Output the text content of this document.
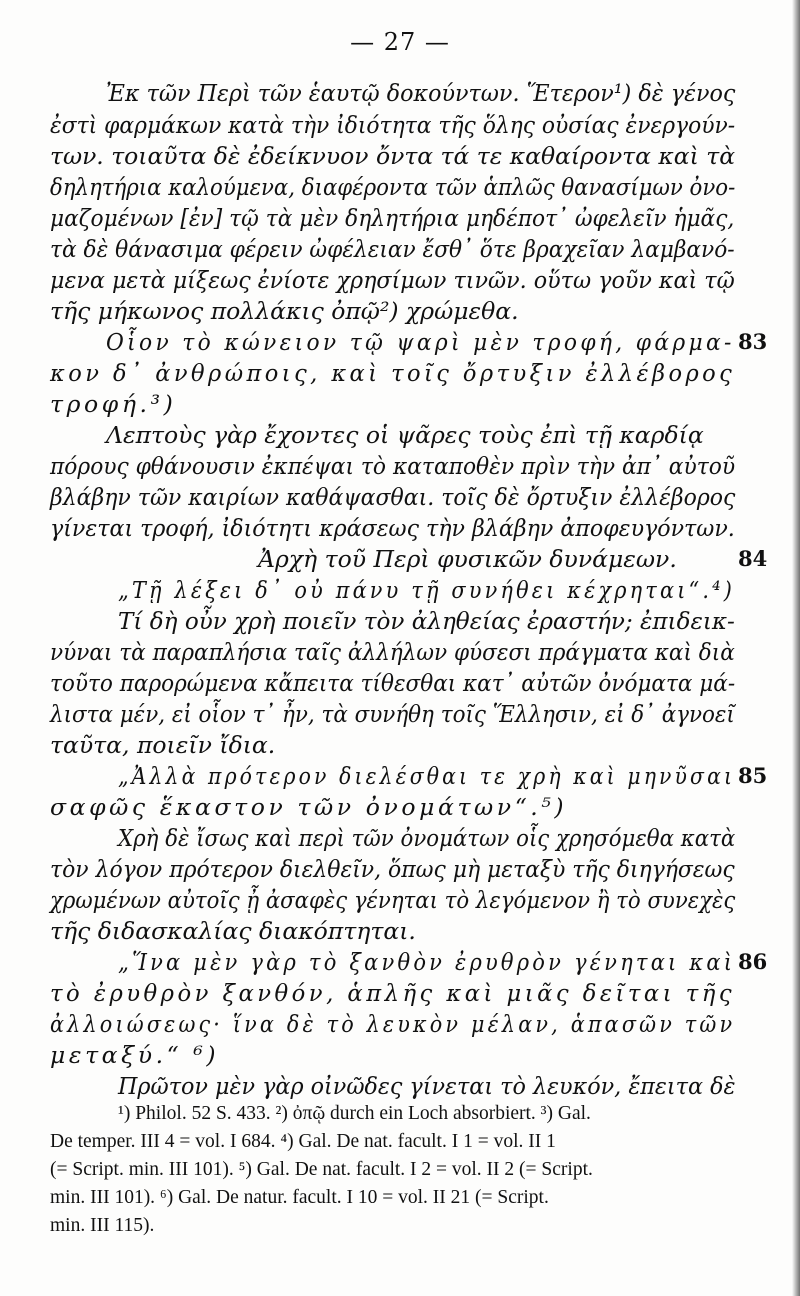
— 27 —
Ἐκ τῶν Περὶ τῶν ἑαυτῷ δοκούντων. Ἕτερον¹) δὲ γένος
ἐστὶ φαρμάκων κατὰ τὴν ἰδιότητα τῆς ὅλης οὐσίας ἐνεργούν-
των. τοιαῦτα δὲ ἐδείκνυον ὄντα τά τε καθαίροντα καὶ τὰ
δηλητήρια καλούμενα, διαφέροντα τῶν ἁπλῶς θανασίμων ὀνο-
μαζομένων [ἐν] τῷ τὰ μὲν δηλητήρια μηδέποτ᾽ ὠφελεῖν ἡμᾶς,
τὰ δὲ θάνασιμα φέρειν ὠφέλειαν ἔσθ᾽ ὅτε βραχεῖαν λαμβανό-
μενα μετὰ μίξεως ἐνίοτε χρησίμων τινῶν. οὕτω γοῦν καὶ τῷ
τῆς μήκωνος πολλάκις ὀπῷ²) χρώμεθα.
Οἷον τὸ κώνειον τῷ ψαρὶ μὲν τροφή, φάρμα-
κον δ᾽ ἀνθρώποις, καὶ τοῖς ὄρτυξιν ἐλλέβορος
τροφή.³)
Λεπτοὺς γὰρ ἔχοντες οἱ ψᾶρες τοὺς ἐπὶ τῇ καρδίᾳ
πόρους φθάνουσιν ἐκπέψαι τὸ καταποθὲν πρὶν τὴν ἀπ᾽ αὐτοῦ
βλάβην τῶν καιρίων καθάψασθαι. τοῖς δὲ ὄρτυξιν ἐλλέβορος
γίνεται τροφή, ἰδιότητι κράσεως τὴν βλάβην ἀποφευγόντων.
Ἀρχὴ τοῦ Περὶ φυσικῶν δυνάμεων.
„Τῇ λέξει δ᾽ οὐ πάνυ τῇ συνήθει κέχρηται“.⁴)
Τί δὴ οὖν χρὴ ποιεῖν τὸν ἀληθείας ἐραστήν; ἐπιδεικ-
νύναι τὰ παραπλήσια ταῖς ἀλλήλων φύσεσι πράγματα καὶ διὰ
τοῦτο παρορώμενα κἄπειτα τίθεσθαι κατ᾽ αὐτῶν ὀνόματα μά-
λιστα μέν, εἰ οἷον τ᾽ ἦν, τὰ συνήθη τοῖς Ἕλλησιν, εἰ δ᾽ ἀγνοεῖ
ταῦτα, ποιεῖν ἴδια.
„Ἀλλὰ πρότερον διελέσθαι τε χρὴ καὶ μηνῦσαι
σαφῶς ἕκαστον τῶν ὀνομάτων“.⁵)
Χρὴ δὲ ἴσως καὶ περὶ τῶν ὀνομάτων οἷς χρησόμεθα κατὰ
τὸν λόγον πρότερον διελθεῖν, ὅπως μὴ μεταξὺ τῆς διηγήσεως
χρωμένων αὐτοῖς ᾖ ἀσαφὲς γένηται τὸ λεγόμενον ἢ τὸ συνεχὲς
τῆς διδασκαλίας διακόπτηται.
„Ἵνα μὲν γὰρ τὸ ξανθὸν ἐρυθρὸν γένηται καὶ
τὸ ἐρυθρὸν ξανθόν, ἁπλῆς καὶ μιᾶς δεῖται τῆς
ἀλλοιώσεως· ἵνα δὲ τὸ λευκὸν μέλαν, ἁπασῶν τῶν
μεταξύ.“ ⁶)
Πρῶτον μὲν γὰρ οἰνῶδες γίνεται τὸ λευκόν, ἔπειτα δὲ
83
84
85
86
¹) Philol. 52 S. 433. ²) ὀπῷ durch ein Loch absorbiert. ³) Gal.
De temper. III 4 = vol. I 684. ⁴) Gal. De nat. facult. I 1 = vol. II 1
(= Script. min. III 101). ⁵) Gal. De nat. facult. I 2 = vol. II 2 (= Script.
min. III 101). ⁶) Gal. De natur. facult. I 10 = vol. II 21 (= Script.
min. III 115).
